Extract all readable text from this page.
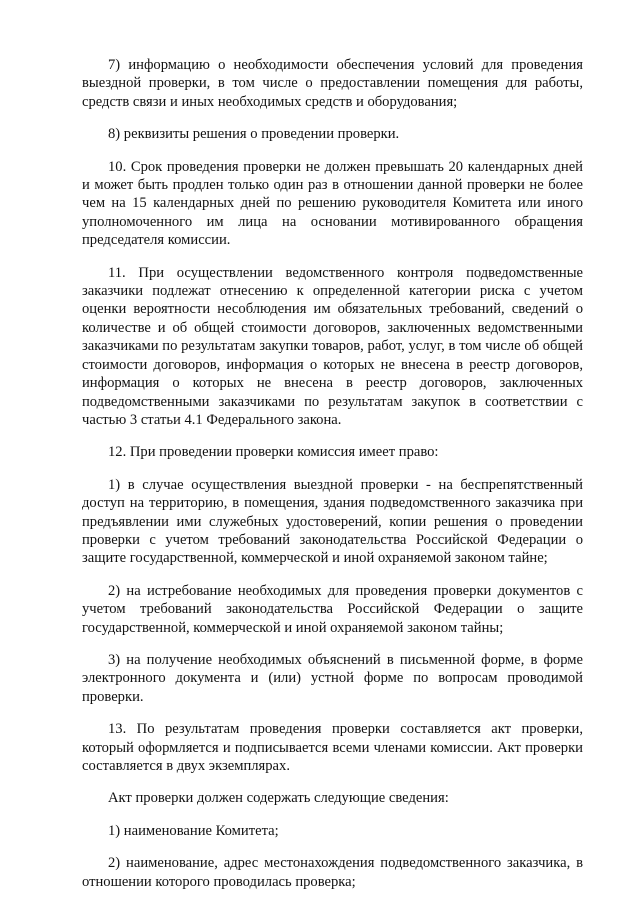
7) информацию о необходимости обеспечения условий для проведения выездной проверки, в том числе о предоставлении помещения для работы, средств связи и иных необходимых средств и оборудования;

8) реквизиты решения о проведении проверки.

10. Срок проведения проверки не должен превышать 20 календарных дней и может быть продлен только один раз в отношении данной проверки не более чем на 15 календарных дней по решению руководителя Комитета или иного уполномоченного им лица на основании мотивированного обращения председателя комиссии.

11. При осуществлении ведомственного контроля подведомственные заказчики подлежат отнесению к определенной категории риска с учетом оценки вероятности несоблюдения им обязательных требований, сведений о количестве и об общей стоимости договоров, заключенных ведомственными заказчиками по результатам закупки товаров, работ, услуг, в том числе об общей стоимости договоров, информация о которых не внесена в реестр договоров, информация о которых не внесена в реестр договоров, заключенных подведомственными заказчиками по результатам закупок в соответствии с частью 3 статьи 4.1 Федерального закона.

12. При проведении проверки комиссия имеет право:

1) в случае осуществления выездной проверки - на беспрепятственный доступ на территорию, в помещения, здания подведомственного заказчика при предъявлении ими служебных удостоверений, копии решения о проведении проверки с учетом требований законодательства Российской Федерации о защите государственной, коммерческой и иной охраняемой законом тайне;

2) на истребование необходимых для проведения проверки документов с учетом требований законодательства Российской Федерации о защите государственной, коммерческой и иной охраняемой законом тайны;

3) на получение необходимых объяснений в письменной форме, в форме электронного документа и (или) устной форме по вопросам проводимой проверки.

13. По результатам проведения проверки составляется акт проверки, который оформляется и подписывается всеми членами комиссии. Акт проверки составляется в двух экземплярах.

Акт проверки должен содержать следующие сведения:

1) наименование Комитета;

2) наименование, адрес местонахождения подведомственного заказчика, в отношении которого проводилась проверка;
